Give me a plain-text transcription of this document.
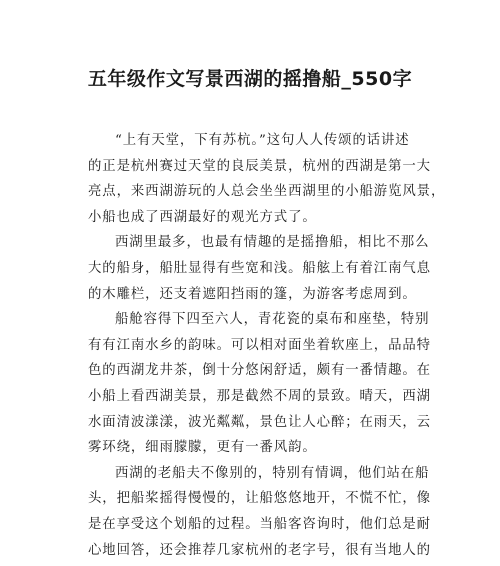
五年级作文写景西湖的摇撸船_550字

“上有天堂，下有苏杭。”这句人人传颂的话讲述

的正是杭州赛过天堂的良辰美景，杭州的西湖是第一大

亮点，来西湖游玩的人总会坐坐西湖里的小船游览风景，

小船也成了西湖最好的观光方式了。

西湖里最多，也最有情趣的是摇撸船，相比不那么

大的船身，船肚显得有些宽和浅。船舷上有着江南气息

的木雕栏，还支着遮阳挡雨的篷，为游客考虑周到。

船舱容得下四至六人，青花瓷的桌布和座垫，特别

有有江南水乡的韵味。可以相对面坐着软座上，品品特

色的西湖龙井茶，倒十分悠闲舒适，颇有一番情趣。在

小船上看西湖美景，那是截然不周的景致。晴天，西湖

水面清波漾漾，波光粼粼，景色让人心醉；在雨天，云

雾环绕，细雨朦朦，更有一番风韵。

西湖的老船夫不像别的，特别有情调，他们站在船

头，把船桨摇得慢慢的，让船悠悠地开，不慌不忙，像

是在享受这个划船的过程。当船客咨询时，他们总是耐

心地回答，还会推荐几家杭州的老字号，很有当地人的
